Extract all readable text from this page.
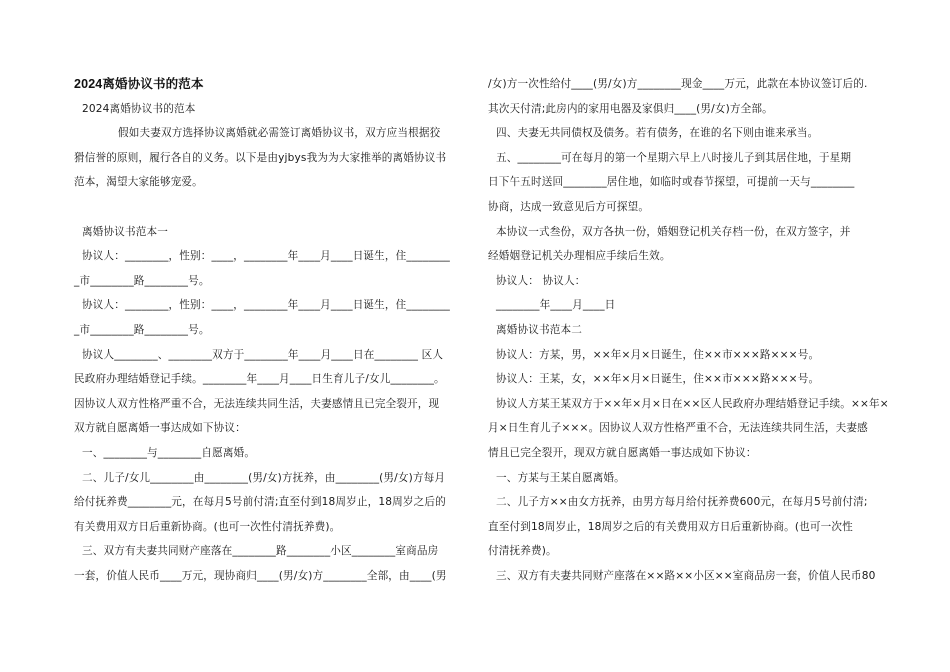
2024离婚协议书的范本
2024离婚协议书的范本
假如夫妻双方选择协议离婚就必需签订离婚协议书，双方应当根据狡
猾信誉的原则，履行各自的义务。以下是由yjbys我为为大家推举的离婚协议书
范本，渴望大家能够宠爱。
离婚协议书范本一
协议人：________，性别：____，________年____月____日诞生，住________
_市________路________号。
协议人：________，性别：____，________年____月____日诞生，住________
_市________路________号。
协议人________、________双方于________年____月____日在________ 区人
民政府办理结婚登记手续。________年____月____日生育儿子/女儿________。
因协议人双方性格严重不合，无法连续共同生活，夫妻感情且已完全裂开，现
双方就自愿离婚一事达成如下协议：
一、________与________自愿离婚。
二、儿子/女儿________由________(男/女)方抚养，由________(男/女)方每月
给付抚养费________元，在每月5号前付清;直至付到18周岁止，18周岁之后的
有关费用双方日后重新协商。(也可一次性付清抚养费)。
三、双方有夫妻共同财产座落在________路________小区________室商品房
一套，价值人民币____万元，现协商归____(男/女)方________全部，由____(男
/女)方一次性给付____(男/女)方________现金____万元，此款在本协议签订后的.
其次天付清;此房内的家用电器及家俱归____(男/女)方全部。
四、夫妻无共同债权及债务。若有债务，在谁的名下则由谁来承当。
五、________可在每月的第一个星期六早上八时接儿子到其居住地，于星期
日下午五时送回________居住地，如临时或春节探望，可提前一天与________
协商，达成一致意见后方可探望。
本协议一式叁份，双方各执一份，婚姻登记机关存档一份，在双方签字，并
经婚姻登记机关办理相应手续后生效。
协议人： 协议人：
________年____月____日
离婚协议书范本二
协议人：方某，男，××年×月×日诞生，住××市×××路×××号。
协议人：王某，女，××年×月×日诞生，住××市×××路×××号。
协议人方某王某双方于××年×月×日在××区人民政府办理结婚登记手续。××年×
月×日生育儿子×××。因协议人双方性格严重不合，无法连续共同生活，夫妻感
情且已完全裂开，现双方就自愿离婚一事达成如下协议：
一、方某与王某自愿离婚。
二、儿子方××由女方抚养，由男方每月给付抚养费600元，在每月5号前付清;
直至付到18周岁止，18周岁之后的有关费用双方日后重新协商。(也可一次性
付清抚养费)。
三、双方有夫妻共同财产座落在××路××小区××室商品房一套，价值人民币80
